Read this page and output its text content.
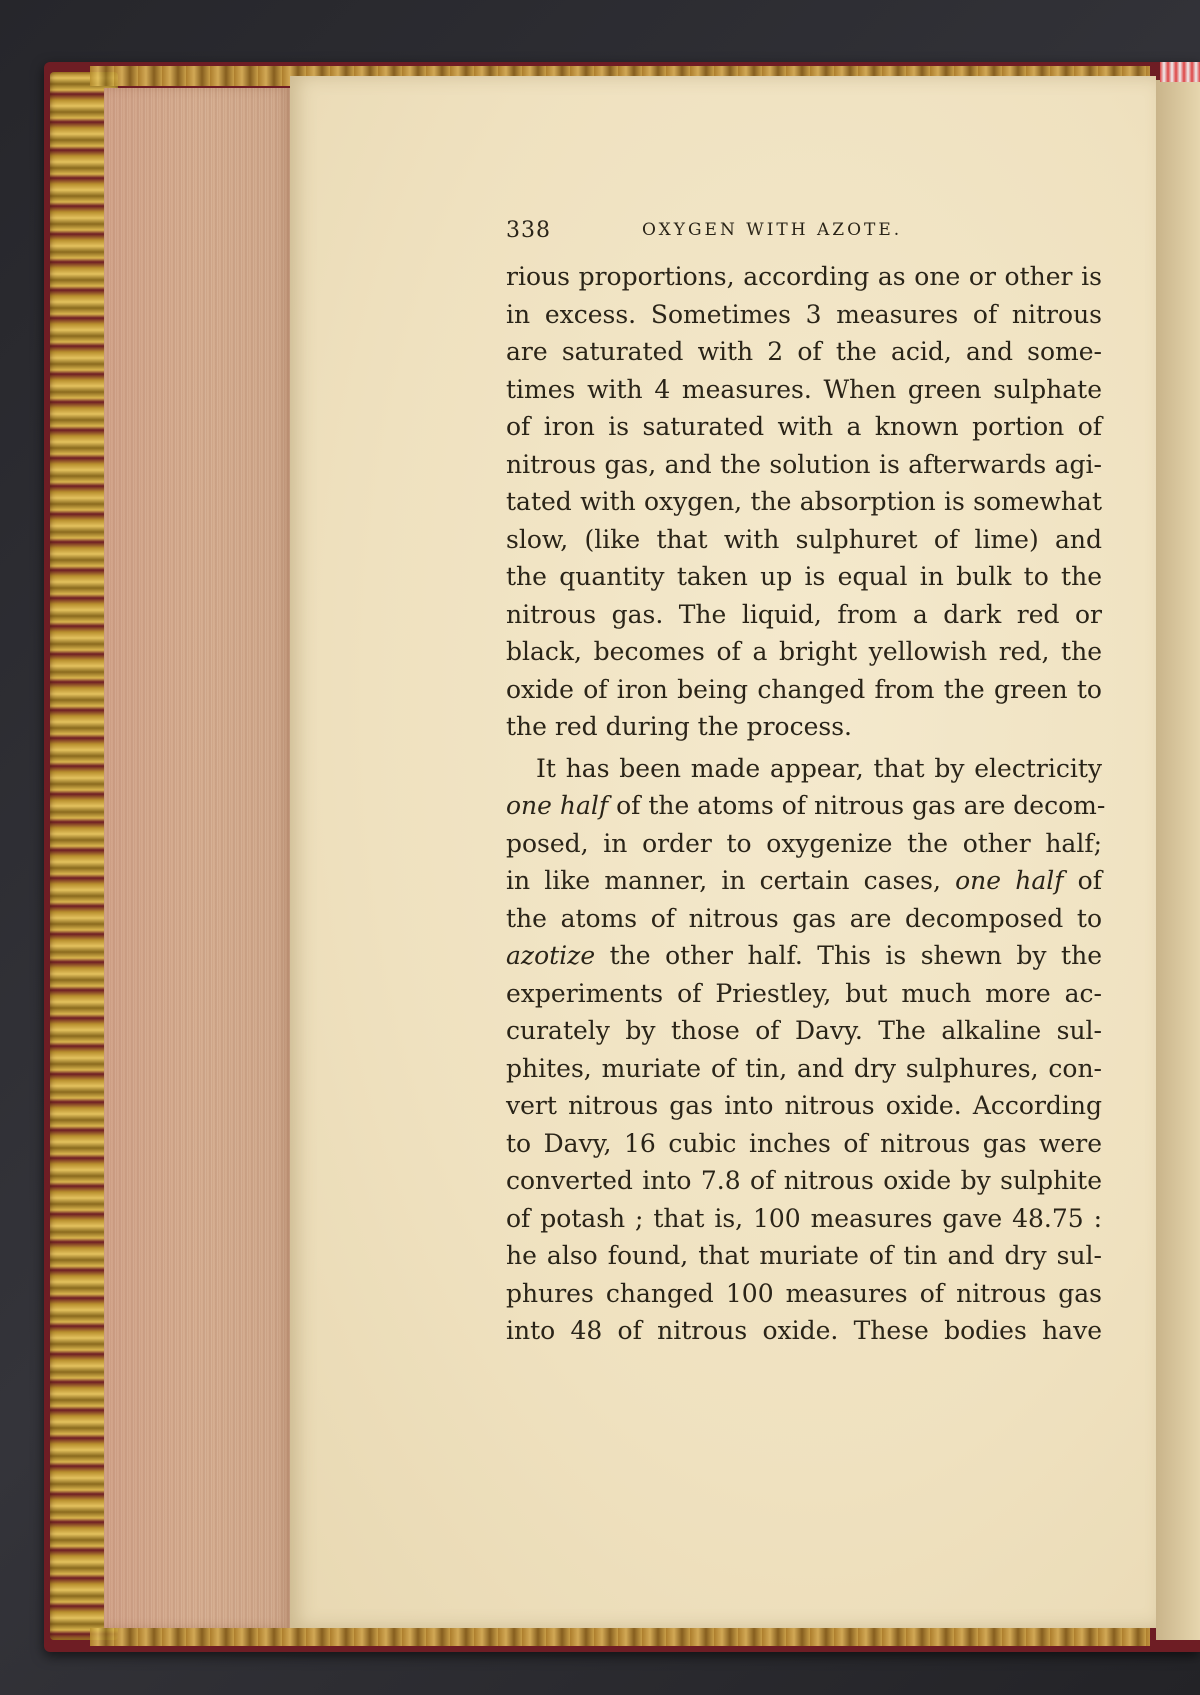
338	OXYGEN WITH AZOTE.

rious proportions, according as one or other is

in excess. Sometimes 3 measures of nitrous

are saturated with 2 of the acid, and some-

times with 4 measures. When green sulphate

of iron is saturated with a known portion of

nitrous gas, and the solution is afterwards agi-

tated with oxygen, the absorption is somewhat

slow, (like that with sulphuret of lime) and

the quantity taken up is equal in bulk to the

nitrous gas. The liquid, from a dark red or

black, becomes of a bright yellowish red, the

oxide of iron being changed from the green to

the red during the process.

It has been made appear, that by electricity

one half of the atoms of nitrous gas are decom-

posed, in order to oxygenize the other half;

in like manner, in certain cases, one half of

the atoms of nitrous gas are decomposed to

azotize the other half. This is shewn by the

experiments of Priestley, but much more ac-

curately by those of Davy. The alkaline sul-

phites, muriate of tin, and dry sulphures, con-

vert nitrous gas into nitrous oxide. According

to Davy, 16 cubic inches of nitrous gas were

converted into 7.8 of nitrous oxide by sulphite

of potash ; that is, 100 measures gave 48.75 :

he also found, that muriate of tin and dry sul-

phures changed 100 measures of nitrous gas

into 48 of nitrous oxide. These bodies have
